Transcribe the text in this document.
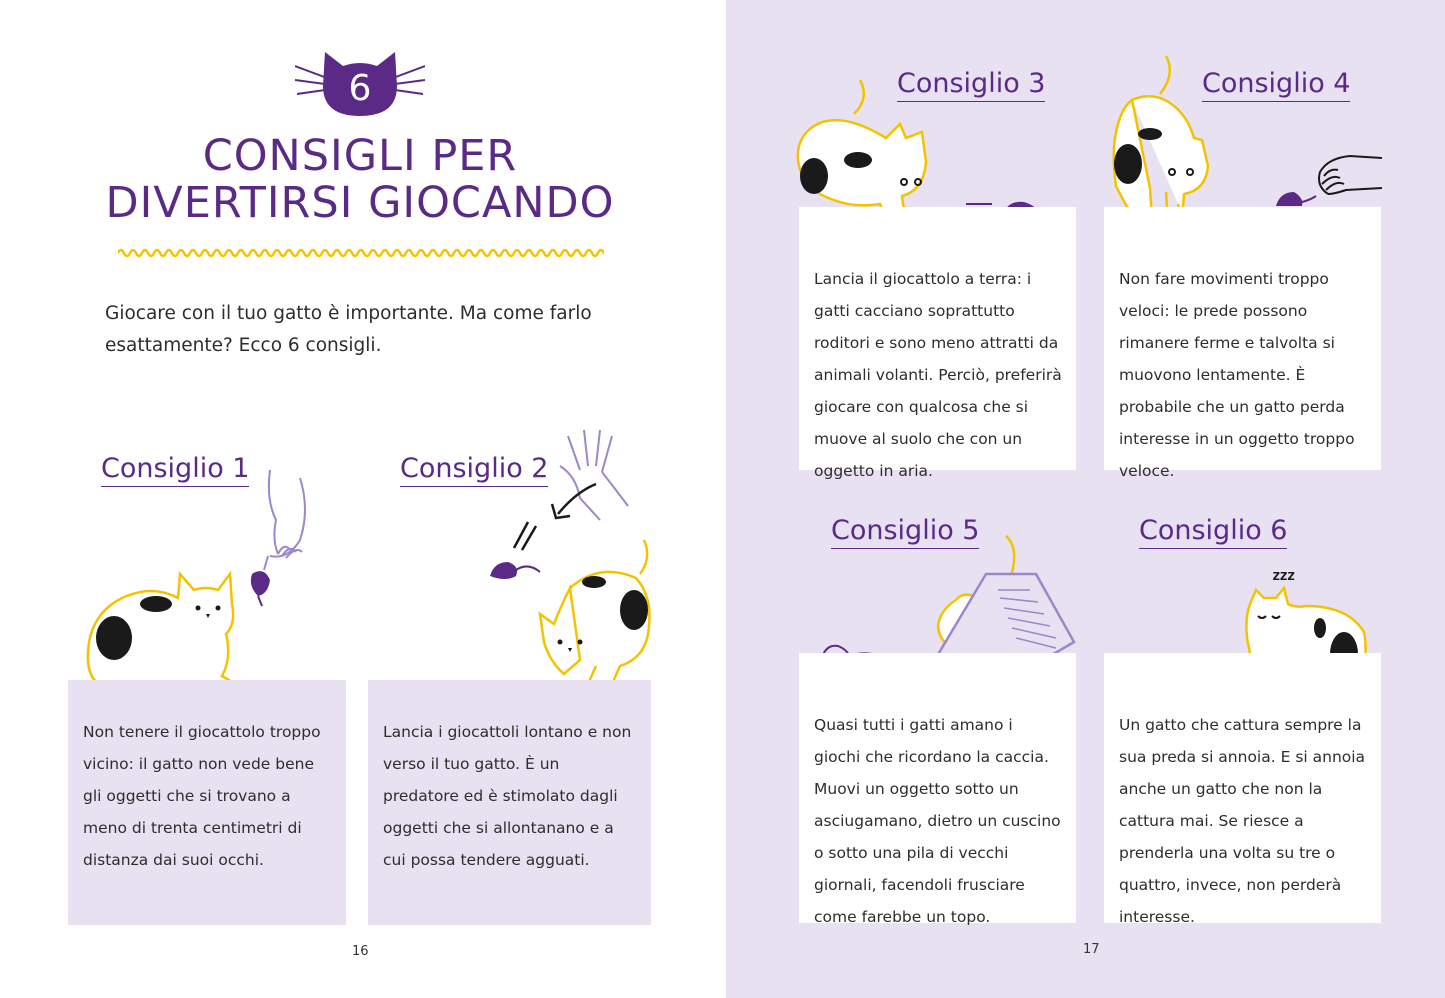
6
CONSIGLI PER
DIVERTIRSI GIOCANDO
Giocare con il tuo gatto è importante. Ma come farlo esattamente? Ecco 6 consigli.
Consiglio 1

Non tenere il giocattolo troppo vicino: il gatto non vede bene gli oggetti che si trovano a meno di trenta centimetri di distanza dai suoi occhi.

Consiglio 2

Lancia i giocattoli lontano e non verso il tuo gatto. È un predatore ed è stimolato dagli oggetti che si allontanano e a cui possa tendere agguati.

16
Consiglio 3

Lancia il giocattolo a terra: i gatti cacciano soprattutto roditori e sono meno attratti da animali volanti. Perciò, preferirà giocare con qualcosa che si muove al suolo che con un oggetto in aria.

Consiglio 4

Non fare movimenti troppo veloci: le prede possono rimanere ferme e talvolta si muovono lentamente. È probabile che un gatto perda interesse in un oggetto troppo veloce.

Consiglio 5

Quasi tutti i gatti amano i giochi che ricordano la caccia. Muovi un oggetto sotto un asciugamano, dietro un cuscino o sotto una pila di vecchi giornali, facendoli frusciare come farebbe un topo.

Consiglio 6
zzz

Un gatto che cattura sempre la sua preda si annoia. E si annoia anche un gatto che non la cattura mai. Se riesce a prenderla una volta su tre o quattro, invece, non perderà interesse.

17
